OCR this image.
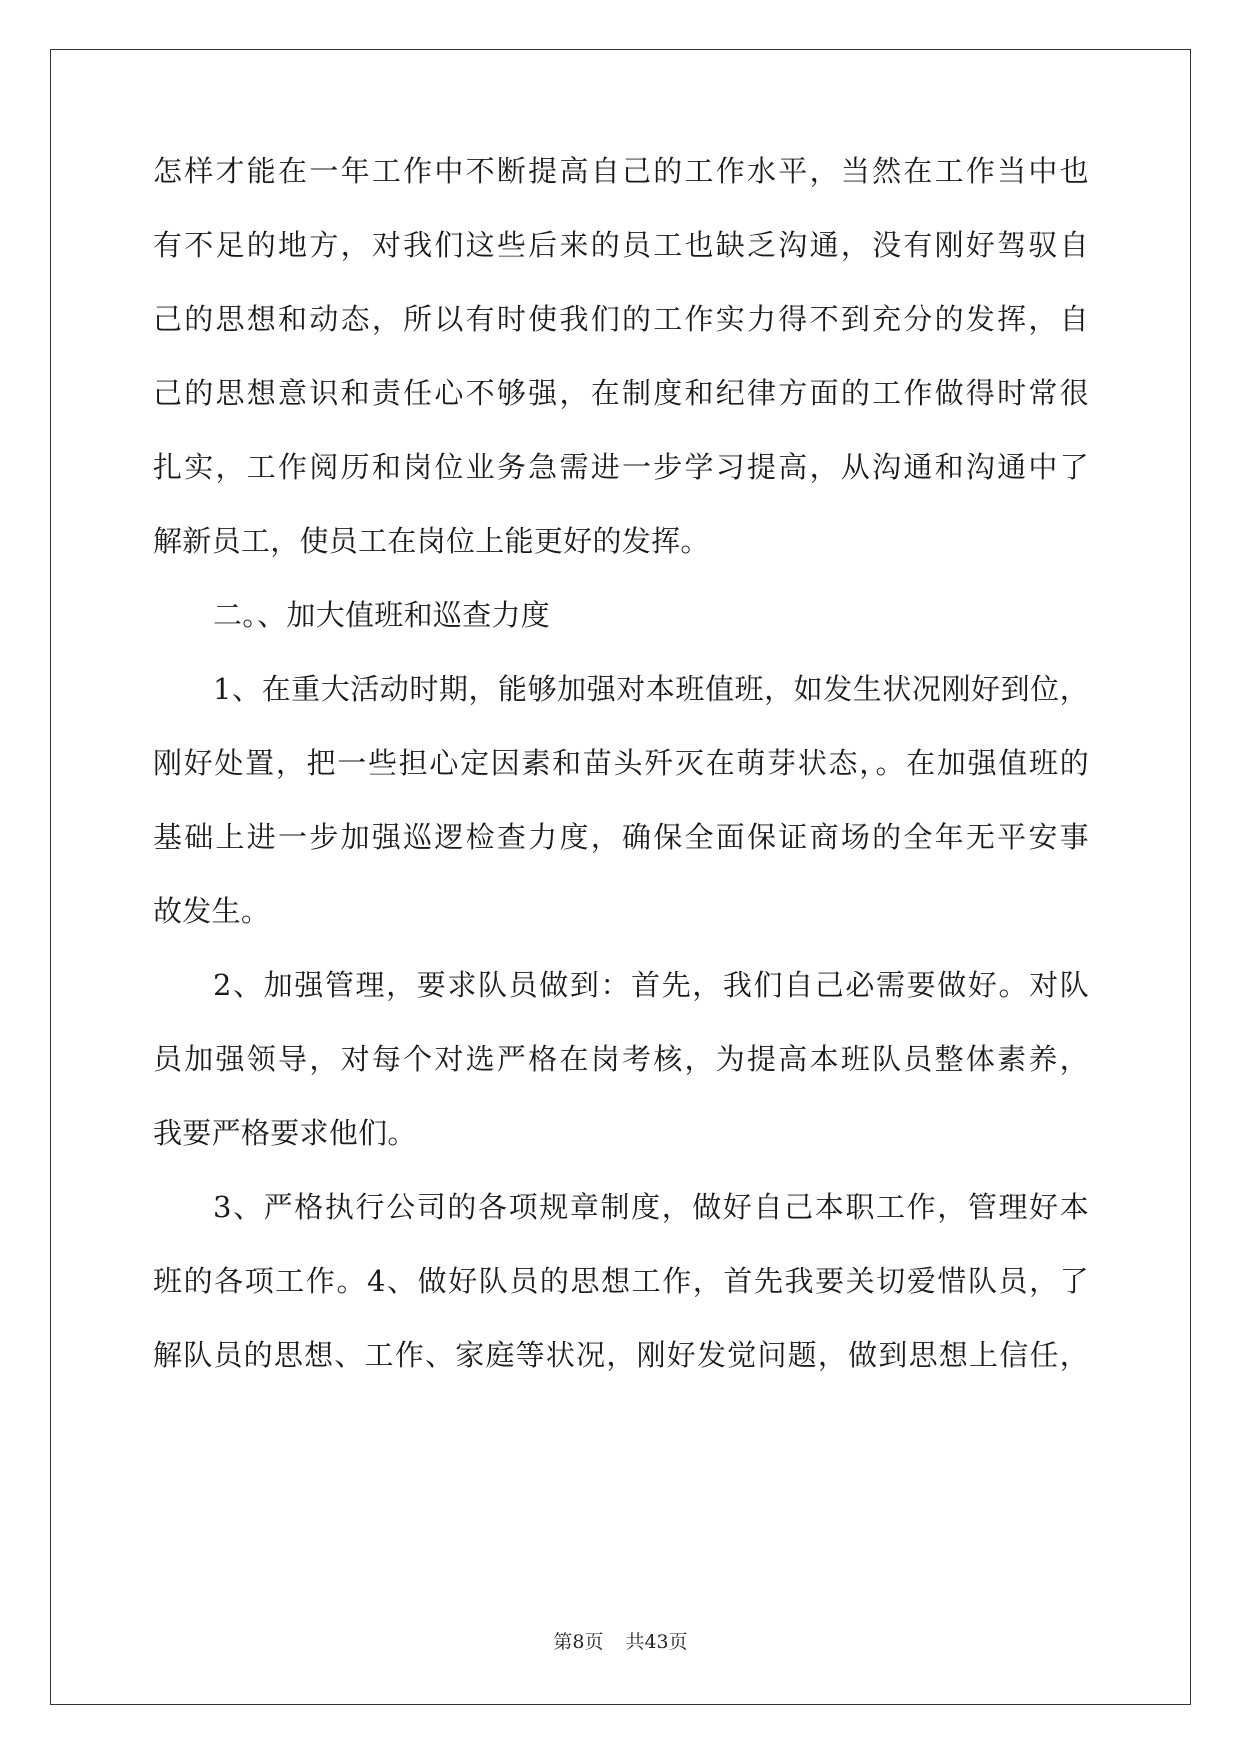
怎样才能在一年工作中不断提高自己的工作水平，当然在工作当中也
有不足的地方，对我们这些后来的员工也缺乏沟通，没有刚好驾驭自
己的思想和动态，所以有时使我们的工作实力得不到充分的发挥，自
己的思想意识和责任心不够强，在制度和纪律方面的工作做得时常很
扎实，工作阅历和岗位业务急需进一步学习提高，从沟通和沟通中了
解新员工，使员工在岗位上能更好的发挥。
二。、加大值班和巡查力度
1、在重大活动时期，能够加强对本班值班，如发生状况刚好到位，
刚好处置，把一些担心定因素和苗头歼灭在萌芽状态，。在加强值班的
基础上进一步加强巡逻检查力度，确保全面保证商场的全年无平安事
故发生。
2、加强管理，要求队员做到：首先，我们自己必需要做好。对队
员加强领导，对每个对选严格在岗考核，为提高本班队员整体素养，
我要严格要求他们。
3、严格执行公司的各项规章制度，做好自己本职工作，管理好本
班的各项工作。4、做好队员的思想工作，首先我要关切爱惜队员，了
解队员的思想、工作、家庭等状况，刚好发觉问题，做到思想上信任，
第8页 共43页
